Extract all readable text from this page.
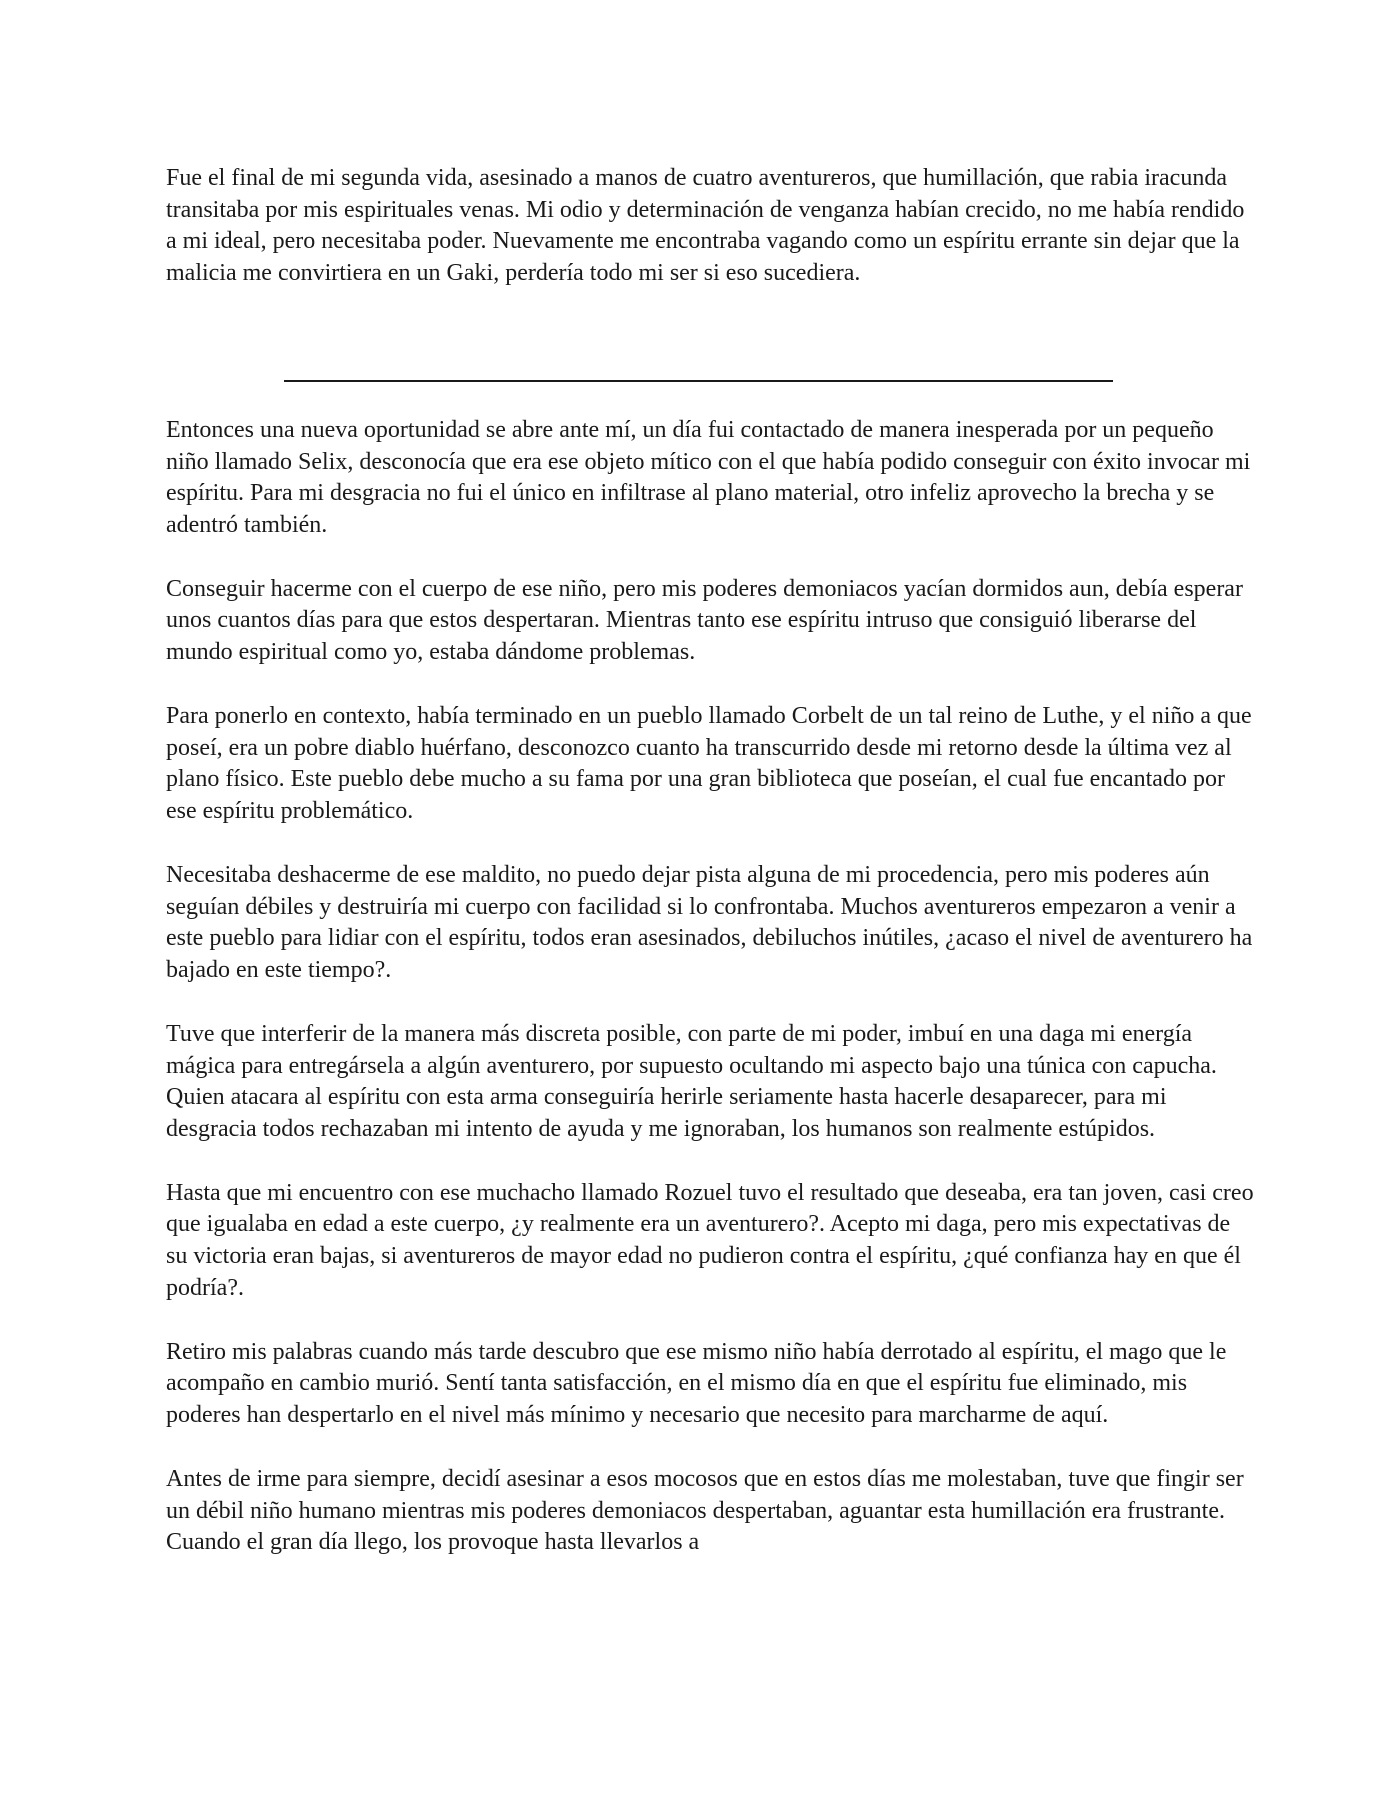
Fue el final de mi segunda vida, asesinado a manos de cuatro aventureros, que humillación, que rabia iracunda transitaba por mis espirituales venas. Mi odio y determinación de venganza habían crecido, no me había rendido a mi ideal, pero necesitaba poder. Nuevamente me encontraba vagando como un espíritu errante sin dejar que la malicia me convirtiera en un Gaki, perdería todo mi ser si eso sucediera.

Entonces una nueva oportunidad se abre ante mí, un día fui contactado de manera inesperada por un pequeño niño llamado Selix, desconocía que era ese objeto mítico con el que había podido conseguir con éxito invocar mi espíritu. Para mi desgracia no fui el único en infiltrase al plano material, otro infeliz aprovecho la brecha y se adentró también.

Conseguir hacerme con el cuerpo de ese niño, pero mis poderes demoniacos yacían dormidos aun, debía esperar unos cuantos días para que estos despertaran. Mientras tanto ese espíritu intruso que consiguió liberarse del mundo espiritual como yo, estaba dándome problemas.

Para ponerlo en contexto, había terminado en un pueblo llamado Corbelt de un tal reino de Luthe, y el niño a que poseí, era un pobre diablo huérfano, desconozco cuanto ha transcurrido desde mi retorno desde la última vez al plano físico. Este pueblo debe mucho a su fama por una gran biblioteca que poseían, el cual fue encantado por ese espíritu problemático.

Necesitaba deshacerme de ese maldito, no puedo dejar pista alguna de mi procedencia, pero mis poderes aún seguían débiles y destruiría mi cuerpo con facilidad si lo confrontaba. Muchos aventureros empezaron a venir a este pueblo para lidiar con el espíritu, todos eran asesinados, debiluchos inútiles, ¿acaso el nivel de aventurero ha bajado en este tiempo?.

Tuve que interferir de la manera más discreta posible, con parte de mi poder, imbuí en una daga mi energía mágica para entregársela a algún aventurero, por supuesto ocultando mi aspecto bajo una túnica con capucha. Quien atacara al espíritu con esta arma conseguiría herirle seriamente hasta hacerle desaparecer, para mi desgracia todos rechazaban mi intento de ayuda y me ignoraban, los humanos son realmente estúpidos.

Hasta que mi encuentro con ese muchacho llamado Rozuel tuvo el resultado que deseaba, era tan joven, casi creo que igualaba en edad a este cuerpo, ¿y realmente era un aventurero?. Acepto mi daga, pero mis expectativas de su victoria eran bajas, si aventureros de mayor edad no pudieron contra el espíritu, ¿qué confianza hay en que él podría?.

Retiro mis palabras cuando más tarde descubro que ese mismo niño había derrotado al espíritu, el mago que le acompaño en cambio murió. Sentí tanta satisfacción, en el mismo día en que el espíritu fue eliminado, mis poderes han despertarlo en el nivel más mínimo y necesario que necesito para marcharme de aquí.

Antes de irme para siempre, decidí asesinar a esos mocosos que en estos días me molestaban, tuve que fingir ser un débil niño humano mientras mis poderes demoniacos despertaban, aguantar esta humillación era frustrante. Cuando el gran día llego, los provoque hasta llevarlos a
